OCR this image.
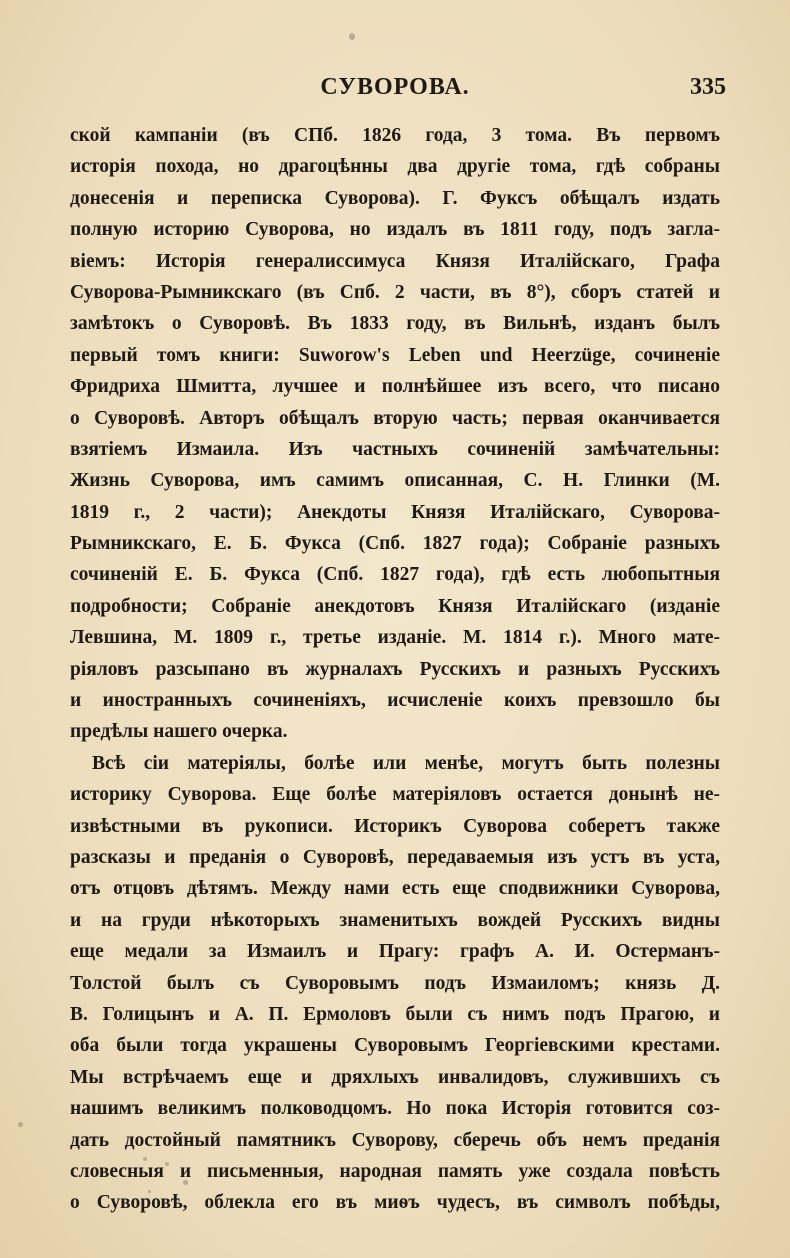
СУВОРОВА.	335
ской кампаніи (въ СПб. 1826 года, 3 тома. Въ первомъ
исторія похода, но драгоцѣнны два другіе тома, гдѣ собраны
донесенія и переписка Суворова). Г. Фуксъ обѣщалъ издать
полную историю Суворова, но издалъ въ 1811 году, подъ загла-
віемъ: Исторія генералиссимуса Князя Италійскаго, Графа
Суворова-Рымникскаго (въ Спб. 2 части, въ 8°), сборъ статей и
замѣтокъ о Суворовѣ. Въ 1833 году, въ Вильнѣ, изданъ былъ
первый томъ книги: Suworow's Leben und Heerzüge, сочиненіе
Фридриха Шмитта, лучшее и полнѣйшее изъ всего, что писано
о Суворовѣ. Авторъ обѣщалъ вторую часть; первая оканчивается
взятіемъ Измаила. Изъ частныхъ сочиненій замѣчательны:
Жизнь Суворова, имъ самимъ описанная, С. Н. Глинки (М.
1819 г., 2 части); Анекдоты Князя Италійскаго, Суворова-
Рымникскаго, Е. Б. Фукса (Спб. 1827 года); Собраніе разныхъ
сочиненій Е. Б. Фукса (Спб. 1827 года), гдѣ есть любопытныя
подробности; Собраніе анекдотовъ Князя Италійскаго (изданіе
Левшина, М. 1809 г., третье изданіе. М. 1814 г.). Много мате-
ріяловъ разсыпано въ журналахъ Русскихъ и разныхъ Русскихъ
и иностранныхъ сочиненіяхъ, исчисленіе коихъ превзошло бы
предѣлы нашего очерка.
Всѣ сіи матеріялы, болѣе или менѣе, могутъ быть полезны
историку Суворова. Еще болѣе матеріяловъ остается донынѣ не-
извѣстными въ рукописи. Историкъ Суворова соберетъ также
разсказы и преданія о Суворовѣ, передаваемыя изъ устъ въ уста,
отъ отцовъ дѣтямъ. Между нами есть еще сподвижники Суворова,
и на груди нѣкоторыхъ знаменитыхъ вождей Русскихъ видны
еще медали за Измаилъ и Прагу: графъ А. И. Остерманъ-
Толстой былъ съ Суворовымъ подъ Измаиломъ; князь Д.
В. Голицынъ и А. П. Ермоловъ были съ нимъ подъ Прагою, и
оба были тогда украшены Суворовымъ Георгіевскими крестами.
Мы встрѣчаемъ еще и дряхлыхъ инвалидовъ, служившихъ съ
нашимъ великимъ полководцомъ. Но пока Исторія готовится соз-
дать достойный памятникъ Суворову, сберечь объ немъ преданія
словесныя и письменныя, народная память уже создала повѣсть
о Суворовѣ, облекла его въ миѳъ чудесъ, въ символъ побѣды,
